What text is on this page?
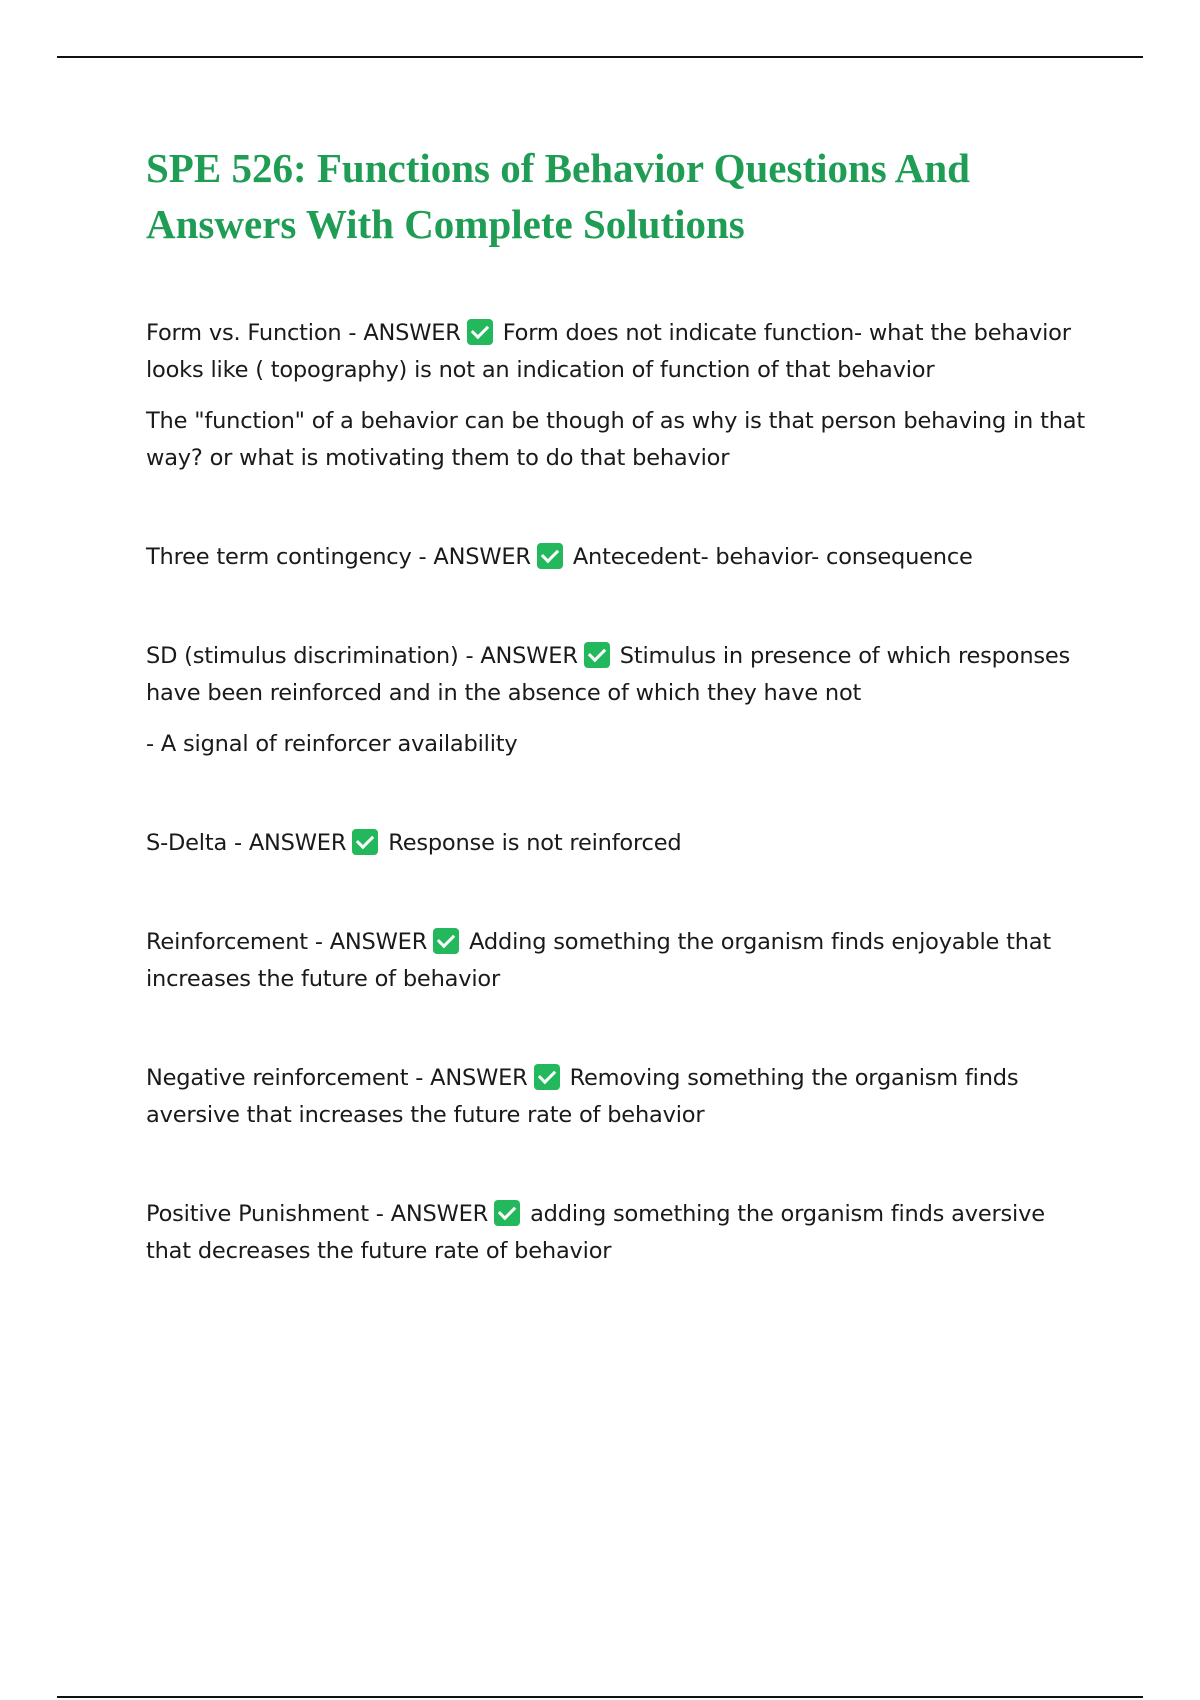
SPE 526: Functions of Behavior Questions And Answers With Complete Solutions

Form vs. Function - ANSWER Form does not indicate function- what the behavior looks like ( topography) is not an indication of function of that behavior

The "function" of a behavior can be though of as why is that person behaving in that way? or what is motivating them to do that behavior

Three term contingency - ANSWER Antecedent- behavior- consequence

SD (stimulus discrimination) - ANSWER Stimulus in presence of which responses have been reinforced and in the absence of which they have not

- A signal of reinforcer availability

S-Delta - ANSWER Response is not reinforced

Reinforcement - ANSWER Adding something the organism finds enjoyable that increases the future of behavior

Negative reinforcement - ANSWER Removing something the organism finds aversive that increases the future rate of behavior

Positive Punishment - ANSWER adding something the organism finds aversive that decreases the future rate of behavior
